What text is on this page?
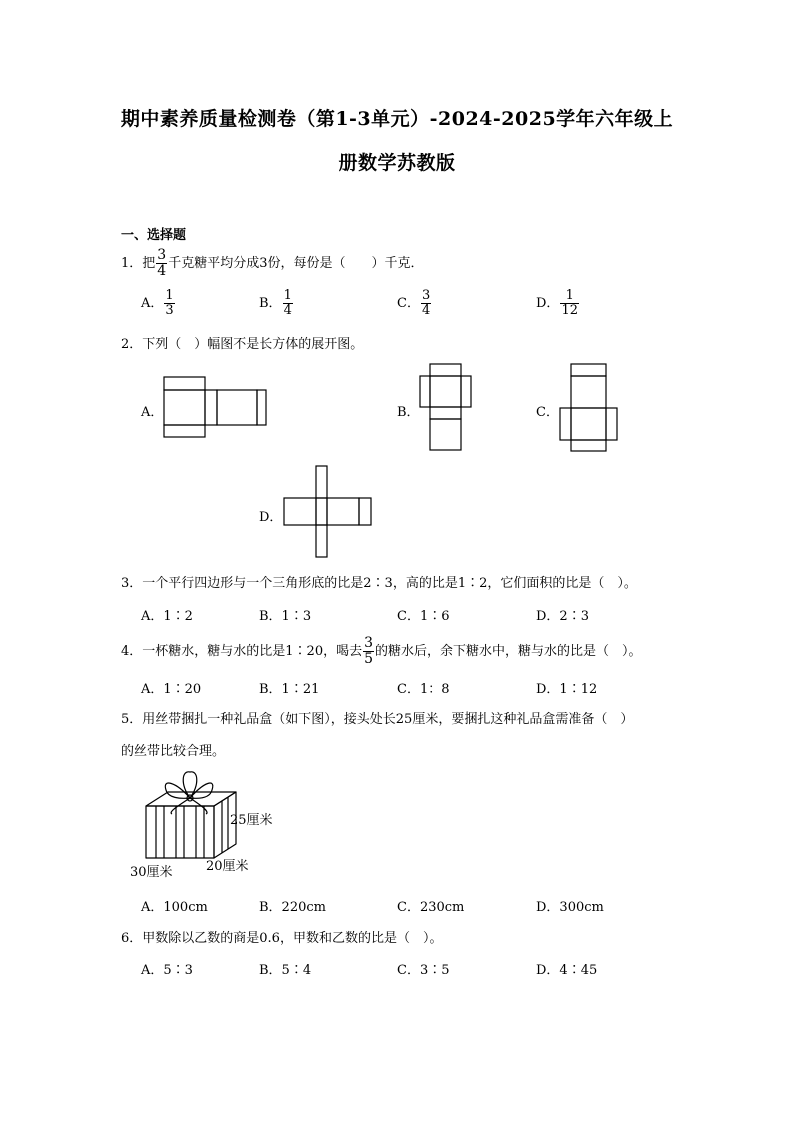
期中素养质量检测卷（第1-3单元）-2024-2025学年六年级上
册数学苏教版
一、选择题
1．把 $\frac{3}{4}$ 千克糖平均分成3份，每份是（　　）千克．
A． $\frac{1}{3}$	B． $\frac{1}{4}$	C． $\frac{3}{4}$	D． $\frac{1}{12}$
2．下列（　）幅图不是长方体的展开图。
A．	B．	C．
D．
3．一个平行四边形与一个三角形底的比是2∶3，高的比是1∶2，它们面积的比是（　）。
A．1∶2	B．1∶3	C．1∶6	D．2∶3
4．一杯糖水，糖与水的比是1∶20，喝去 $\frac{3}{5}$ 的糖水后，余下糖水中，糖与水的比是（　）。
A．1∶20	B．1∶21	C．1：8	D．1∶12
5．用丝带捆扎一种礼品盒（如下图），接头处长25厘米，要捆扎这种礼品盒需准备（　）
的丝带比较合理。
25厘米
30厘米	20厘米
A．100cm	B．220cm	C．230cm	D．300cm
6．甲数除以乙数的商是0.6，甲数和乙数的比是（　）。
A．5∶3	B．5∶4	C．3∶5	D．4∶45
